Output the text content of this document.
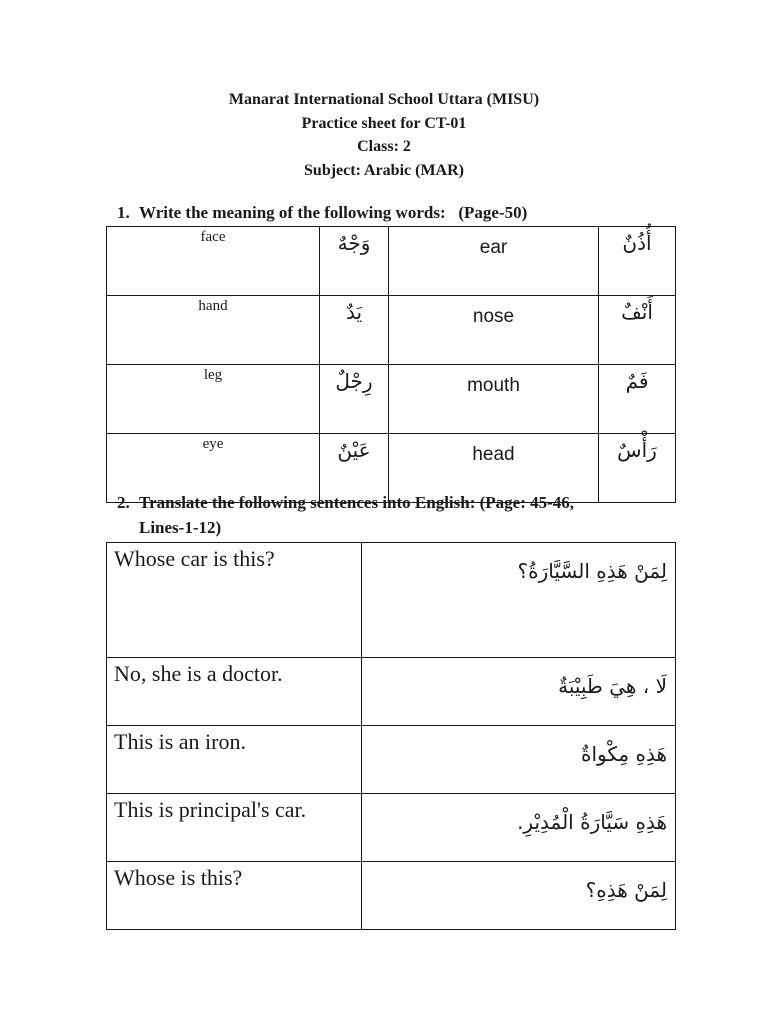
Manarat International School Uttara (MISU)
Practice sheet for CT-01
Class: 2
Subject: Arabic (MAR)
1. Write the meaning of the following words:   (Page-50)
face	وَجْهٌ	ear	أُذُنٌ
hand	يَدٌ	nose	أَنْفٌ
leg	رِجْلٌ	mouth	فَمٌ
eye	عَيْنٌ	head	رَأْسٌ
2. Translate the following sentences into English: (Page: 45-46,
Lines-1-12)
Whose car is this?	لِمَنْ هَذِهِ السَّيَّارَةُ؟
No, she is a doctor.	لَا ، هِيَ طَبِيْبَةٌ
This is an iron.	هَذِهِ مِكْواةٌ
This is principal's car.	هَذِهِ سَيَّارَةُ الْمُدِيْرِ.
Whose is this?	لِمَنْ هَذِهِ؟
